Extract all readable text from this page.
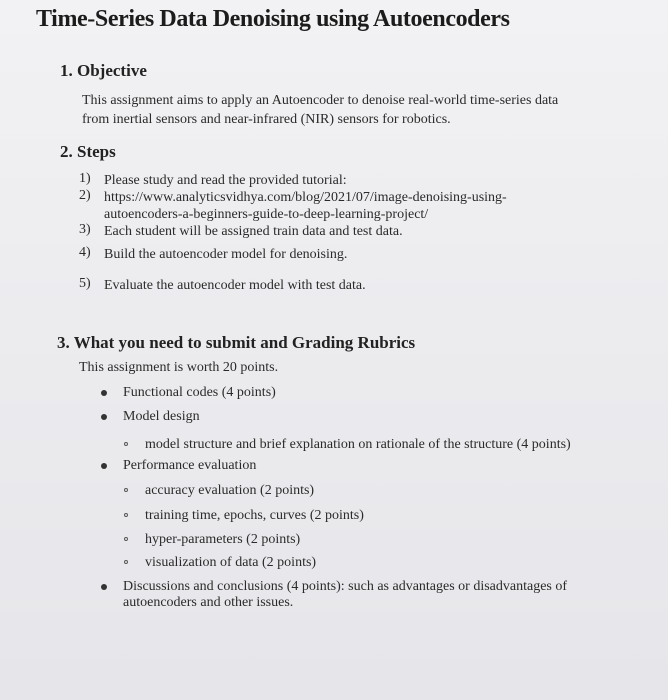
Time-Series Data Denoising using Autoencoders
1. Objective
This assignment aims to apply an Autoencoder to denoise real-world time-series data
from inertial sensors and near-infrared (NIR) sensors for robotics.
2. Steps
1) Please study and read the provided tutorial:
2) https://www.analyticsvidhya.com/blog/2021/07/image-denoising-using-
autoencoders-a-beginners-guide-to-deep-learning-project/
3) Each student will be assigned train data and test data.
4) Build the autoencoder model for denoising.
5) Evaluate the autoencoder model with test data.
3. What you need to submit and Grading Rubrics
This assignment is worth 20 points.
Functional codes (4 points)
Model design
model structure and brief explanation on rationale of the structure (4 points)
Performance evaluation
accuracy evaluation (2 points)
training time, epochs, curves (2 points)
hyper-parameters (2 points)
visualization of data (2 points)
Discussions and conclusions (4 points): such as advantages or disadvantages of
autoencoders and other issues.
